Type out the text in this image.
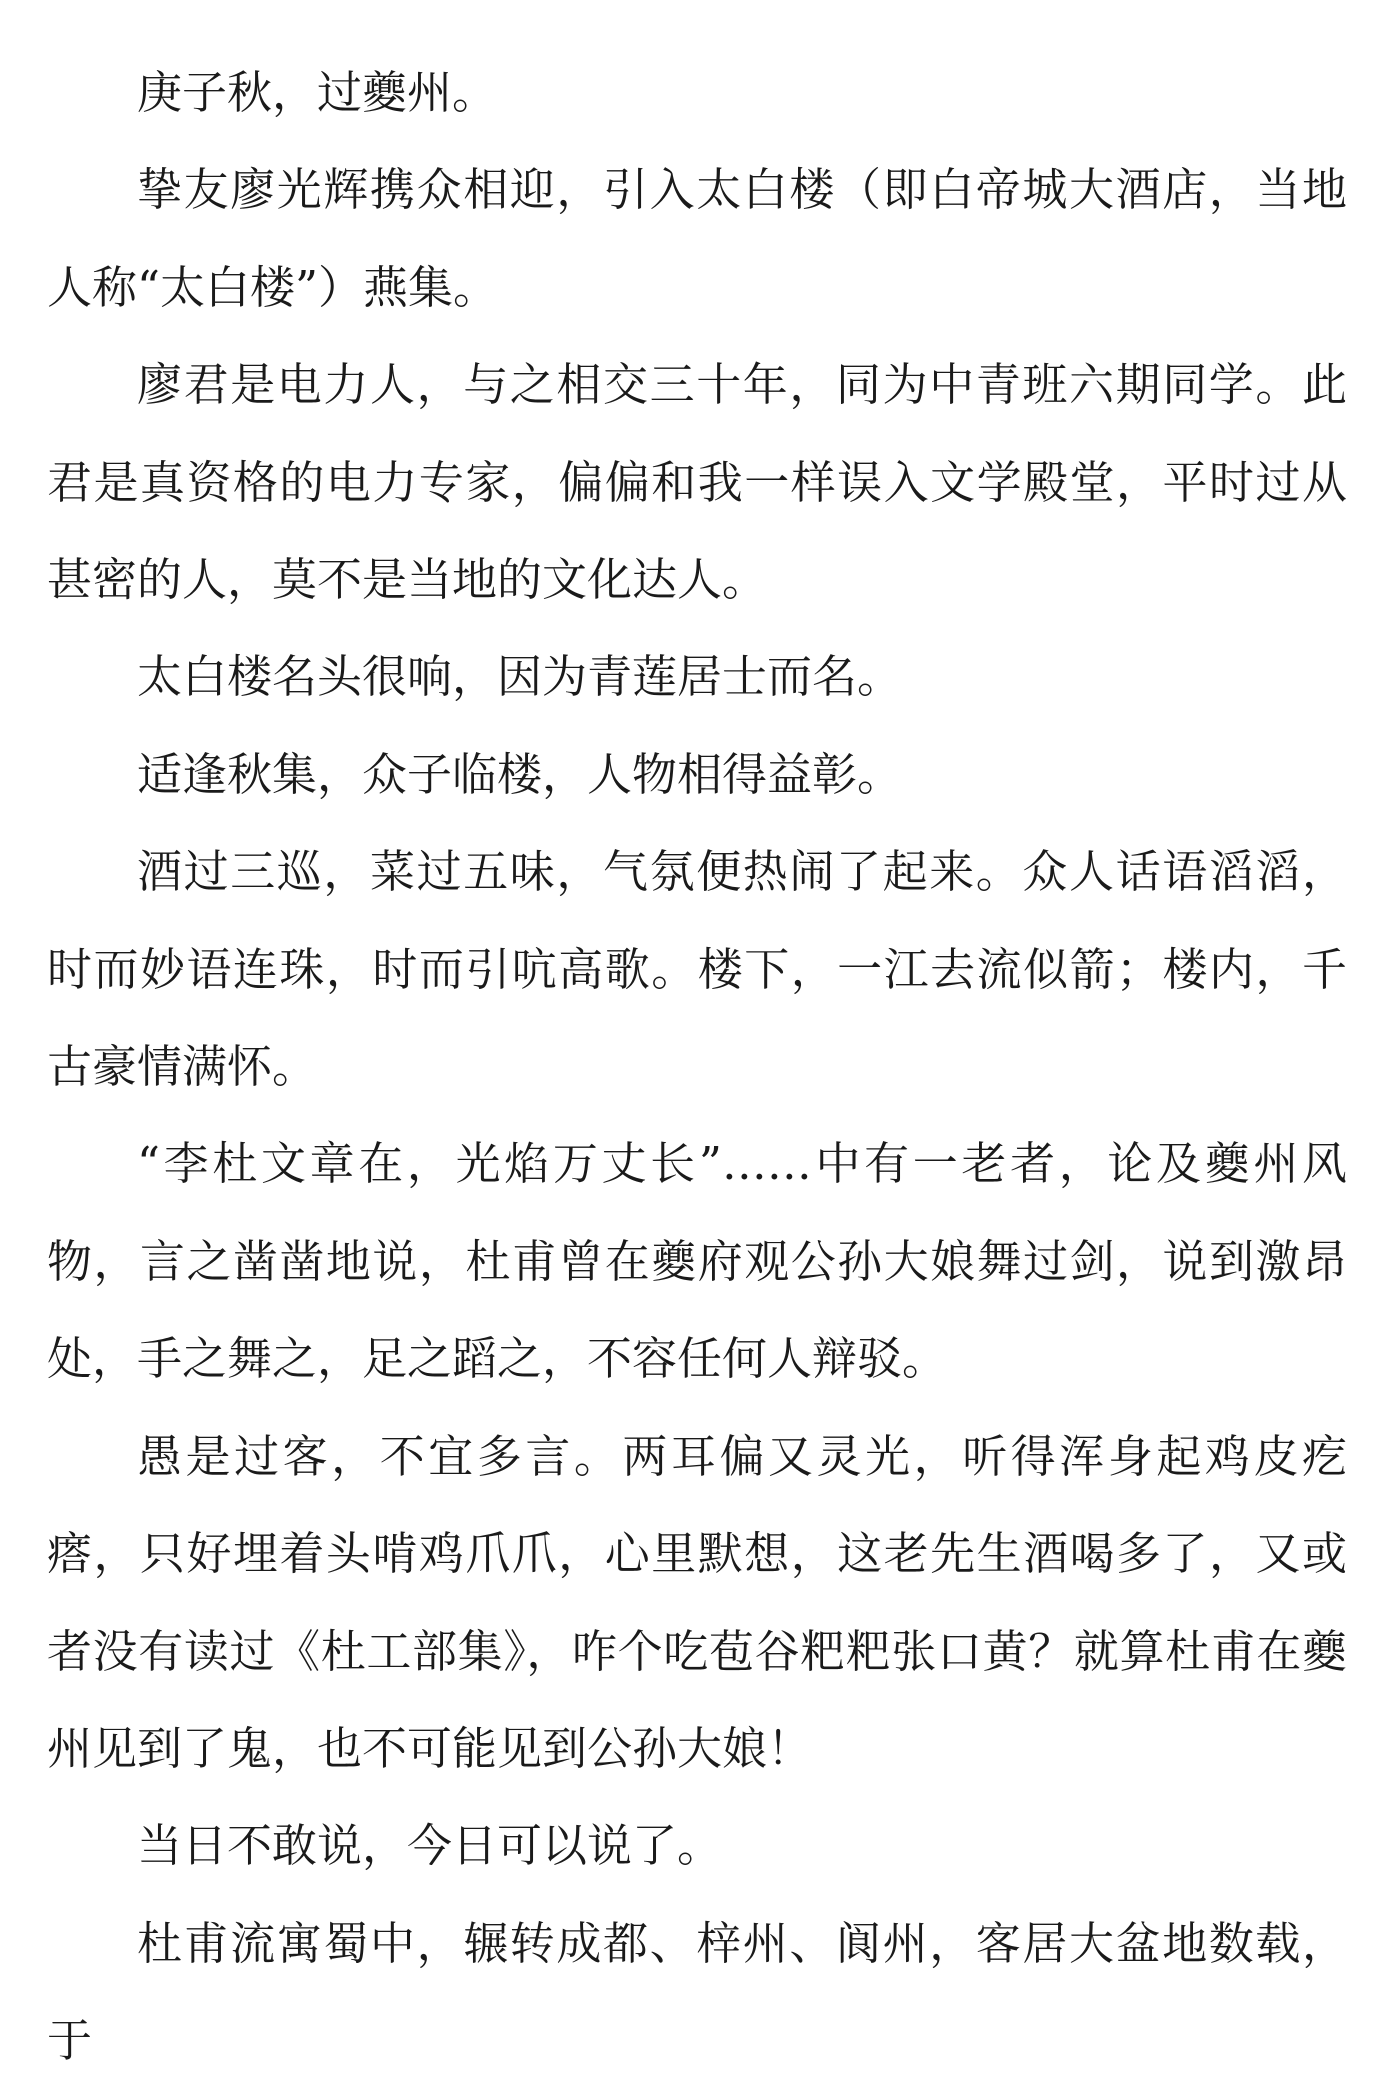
庚子秋，过夔州。

挚友廖光辉携众相迎，引入太白楼（即白帝城大酒店，当地人称“太白楼”）燕集。

廖君是电力人，与之相交三十年，同为中青班六期同学。此君是真资格的电力专家，偏偏和我一样误入文学殿堂，平时过从甚密的人，莫不是当地的文化达人。

太白楼名头很响，因为青莲居士而名。

适逢秋集，众子临楼，人物相得益彰。

酒过三巡，菜过五味，气氛便热闹了起来。众人话语滔滔，时而妙语连珠，时而引吭高歌。楼下，一江去流似箭；楼内，千古豪情满怀。

“李杜文章在，光焰万丈长”……中有一老者，论及夔州风物，言之凿凿地说，杜甫曾在夔府观公孙大娘舞过剑，说到激昂处，手之舞之，足之蹈之，不容任何人辩驳。

愚是过客，不宜多言。两耳偏又灵光，听得浑身起鸡皮疙瘩，只好埋着头啃鸡爪爪，心里默想，这老先生酒喝多了，又或者没有读过《杜工部集》，咋个吃苞谷粑粑张口黄？就算杜甫在夔州见到了鬼，也不可能见到公孙大娘！

当日不敢说，今日可以说了。

杜甫流寓蜀中，辗转成都、梓州、阆州，客居大盆地数载，于
